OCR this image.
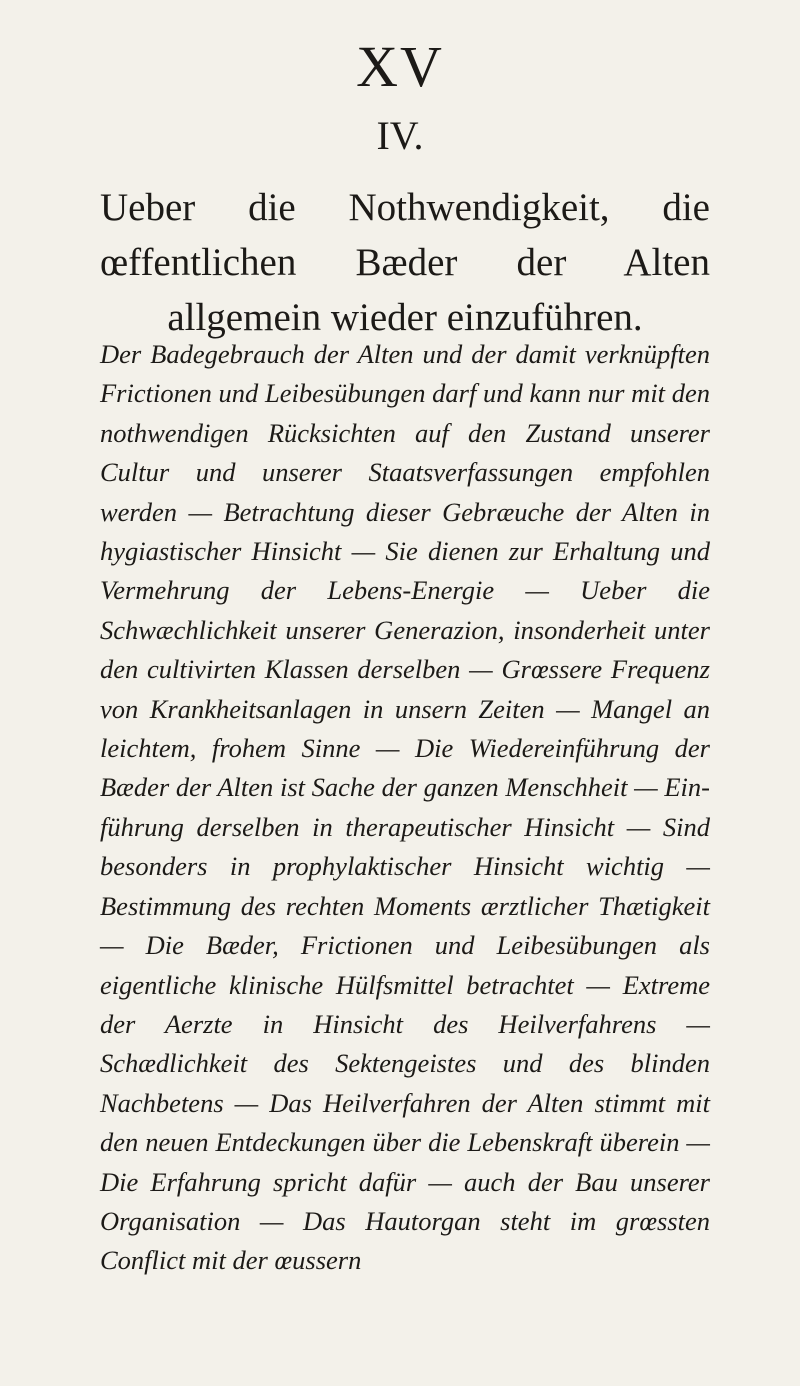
XV
IV.
Ueber die Nothwendigkeit, die œffentlichen Bæder der Alten allgemein wieder einzuführen.

Der Badegebrauch der Alten und der damit verknüpften Frictionen und Leibesübungen darf und kann nur mit den nothwendigen Rücksichten auf den Zustand unserer Cultur und unserer Staatsverfassungen empfohlen werden — Betrachtung dieser Gebræuche der Alten in hygiastischer Hinsicht — Sie dienen zur Erhaltung und Vermehrung der Lebens-Energie — Ueber die Schwæchlichkeit unserer Generazion, insonderheit unter den cultivirten Klassen derselben — Grœssere Frequenz von Krankheitsanlagen in unsern Zeiten — Mangel an leichtem, frohem Sinne — Die Wiedereinführung der Bæder der Alten ist Sache der ganzen Menschheit — Einführung derselben in therapeutischer Hinsicht — Sind besonders in prophylaktischer Hinsicht wichtig — Bestimmung des rechten Moments ærztlicher Thætigkeit — Die Bæder, Frictionen und Leibesübungen als eigentliche klinische Hülfsmittel betrachtet — Extreme der Aerzte in Hinsicht des Heilverfahrens — Schædlichkeit des Sektengeistes und des blinden Nachbetens — Das Heilverfahren der Alten stimmt mit den neuen Entdeckungen über die Lebenskraft überein — Die Erfahrung spricht dafür — auch der Bau unserer Organisation — Das Hautorgan steht im grœssten Conflict mit der œussern
